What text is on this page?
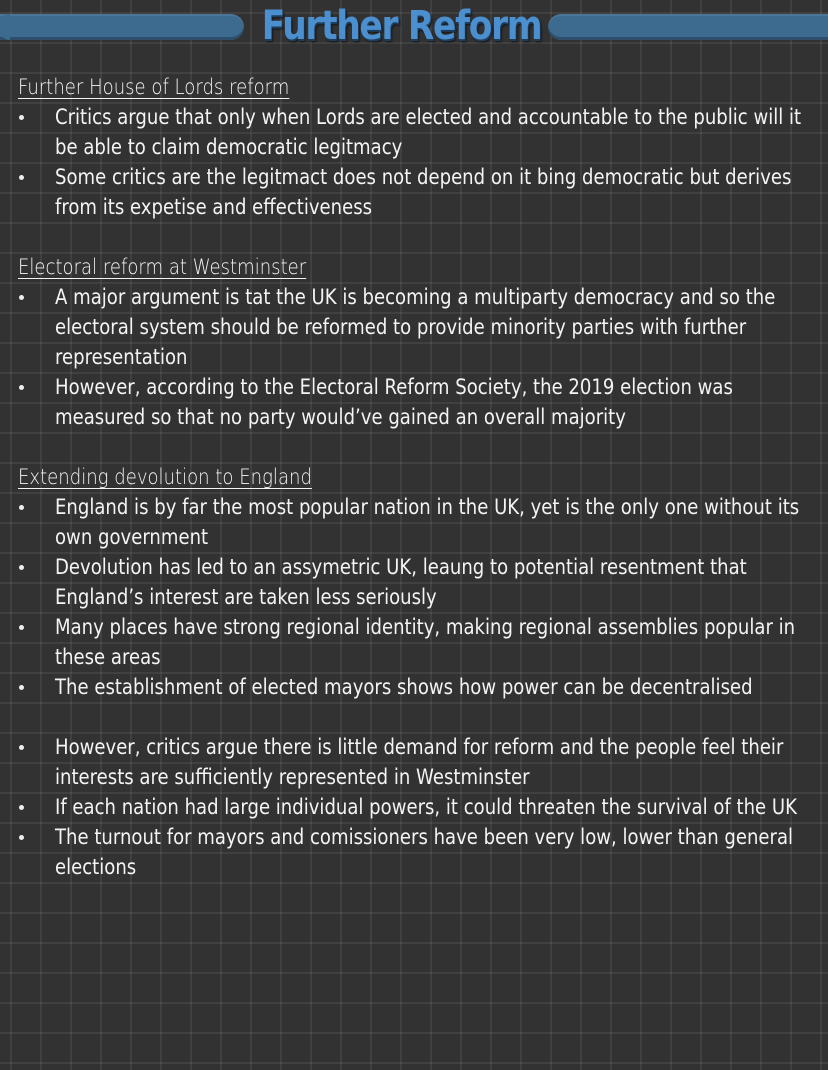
Further Reform
Further House of Lords reform
Critics argue that only when Lords are elected and accountable to the public will it be able to claim democratic legitmacy
Some critics are the legitmact does not depend on it bing democratic but derives from its expetise and effectiveness
Electoral reform at Westminster
A major argument is tat the UK is becoming a multiparty democracy and so the electoral system should be reformed to provide minority parties with further representation
However, according to the Electoral Reform Society, the 2019 election was measured so that no party would’ve gained an overall majority
Extending devolution to England
England is by far the most popular nation in the UK, yet is the only one without its own government
Devolution has led to an assymetric UK, leaung to potential resentment that England’s interest are taken less seriously
Many places have strong regional identity, making regional assemblies popular in these areas
The establishment of elected mayors shows how power can be decentralised
However, critics argue there is little demand for reform and the people feel their interests are sufficiently represented in Westminster
If each nation had large individual powers, it could threaten the survival of the UK
The turnout for mayors and comissioners have been very low, lower than general elections
